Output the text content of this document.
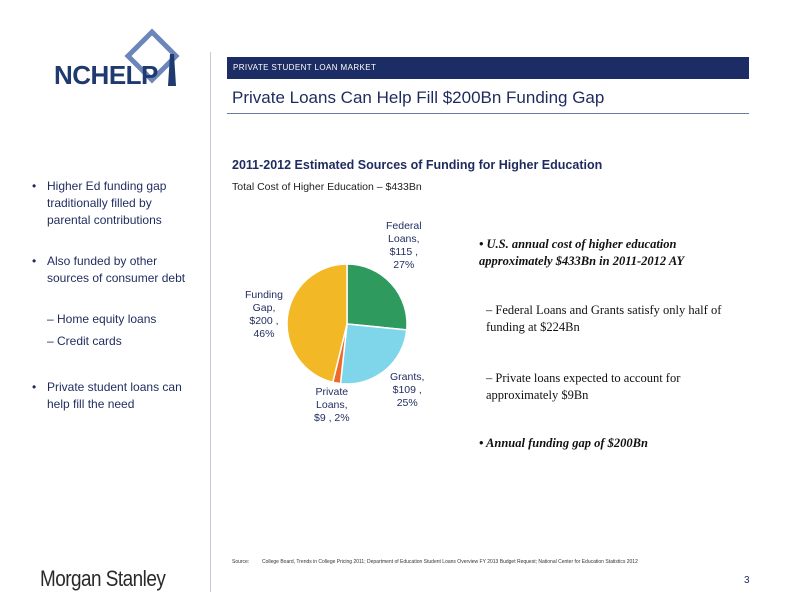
NCHELP	PRIVATE STUDENT LOAN MARKET
Private Loans Can Help Fill $200Bn Funding Gap
2011-2012 Estimated Sources of Funding for Higher Education
Total Cost of Higher Education – $433Bn
• Higher Ed funding gap traditionally filled by parental contributions
• Also funded by other sources of consumer debt
– Home equity loans
– Credit cards
• Private student loans can help fill the need
Federal
Loans,
$115 ,
27%
Funding
Gap,
$200 ,
46%
Grants,
$109 ,
25%
Private
Loans,
$9 , 2%
• U.S. annual cost of higher education approximately $433Bn in 2011-2012 AY
– Federal Loans and Grants satisfy only half of funding at $224Bn
– Private loans expected to account for approximately $9Bn
• Annual funding gap of $200Bn
Source:	College Board, Trends in College Pricing 2011; Department of Education Student Loans Overview FY 2013 Budget Request; National Center for Education Statistics 2012
Morgan Stanley	3
